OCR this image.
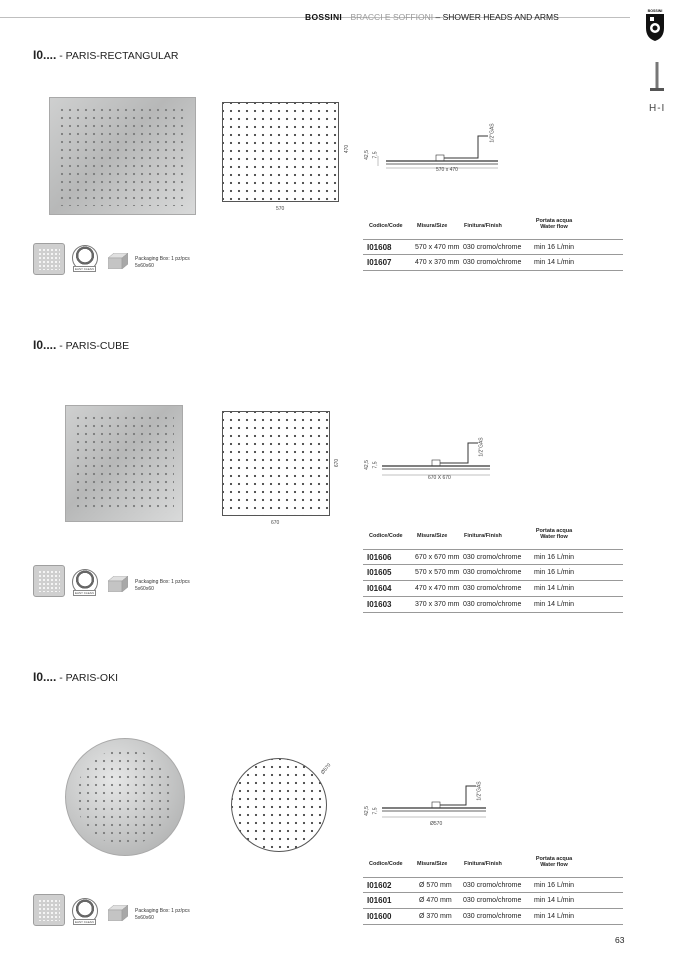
BOSSINI BRACCI E SOFFIONI – SHOWER HEADS AND ARMS
BOSSINI
H-I
I0.... - PARIS-RECTANGULAR
570
470
570 x 470
42,5 7,5
1/2"GAS
EASY CLEAN
Packaging Box: 1 pz/pcs
5x60x60
Codice/Code	Misura/Size	Finitura/Finish
Portata acqua Water flow
I01608	570 x 470 mm 030 cromo/chrome min 16 L/min
I01607	470 x 370 mm 030 cromo/chrome min 14 L/min
I0.... - PARIS-CUBE
670
670
670 X 670
42,5 7,5
1/2"GAS
EASY CLEAN
Packaging Box: 1 pz/pcs
5x60x60
Codice/Code	Misura/Size	Finitura/Finish
Portata acqua Water flow
I01606	670 x 670 mm 030 cromo/chrome min 16 L/min
I01605	570 x 570 mm 030 cromo/chrome min 16 L/min
I01604	470 x 470 mm 030 cromo/chrome min 14 L/min
I01603	370 x 370 mm 030 cromo/chrome min 14 L/min
I0.... - PARIS-OKI
Ø570
Ø570
42,5 7,5
1/2"GAS
EASY CLEAN
Packaging Box: 1 pz/pcs
5x60x60
Codice/Code	Misura/Size	Finitura/Finish
Portata acqua Water flow
I01602	Ø 570 mm 030 cromo/chrome min 16 L/min
I01601	Ø 470 mm 030 cromo/chrome min 14 L/min
I01600	Ø 370 mm 030 cromo/chrome min 14 L/min
63
